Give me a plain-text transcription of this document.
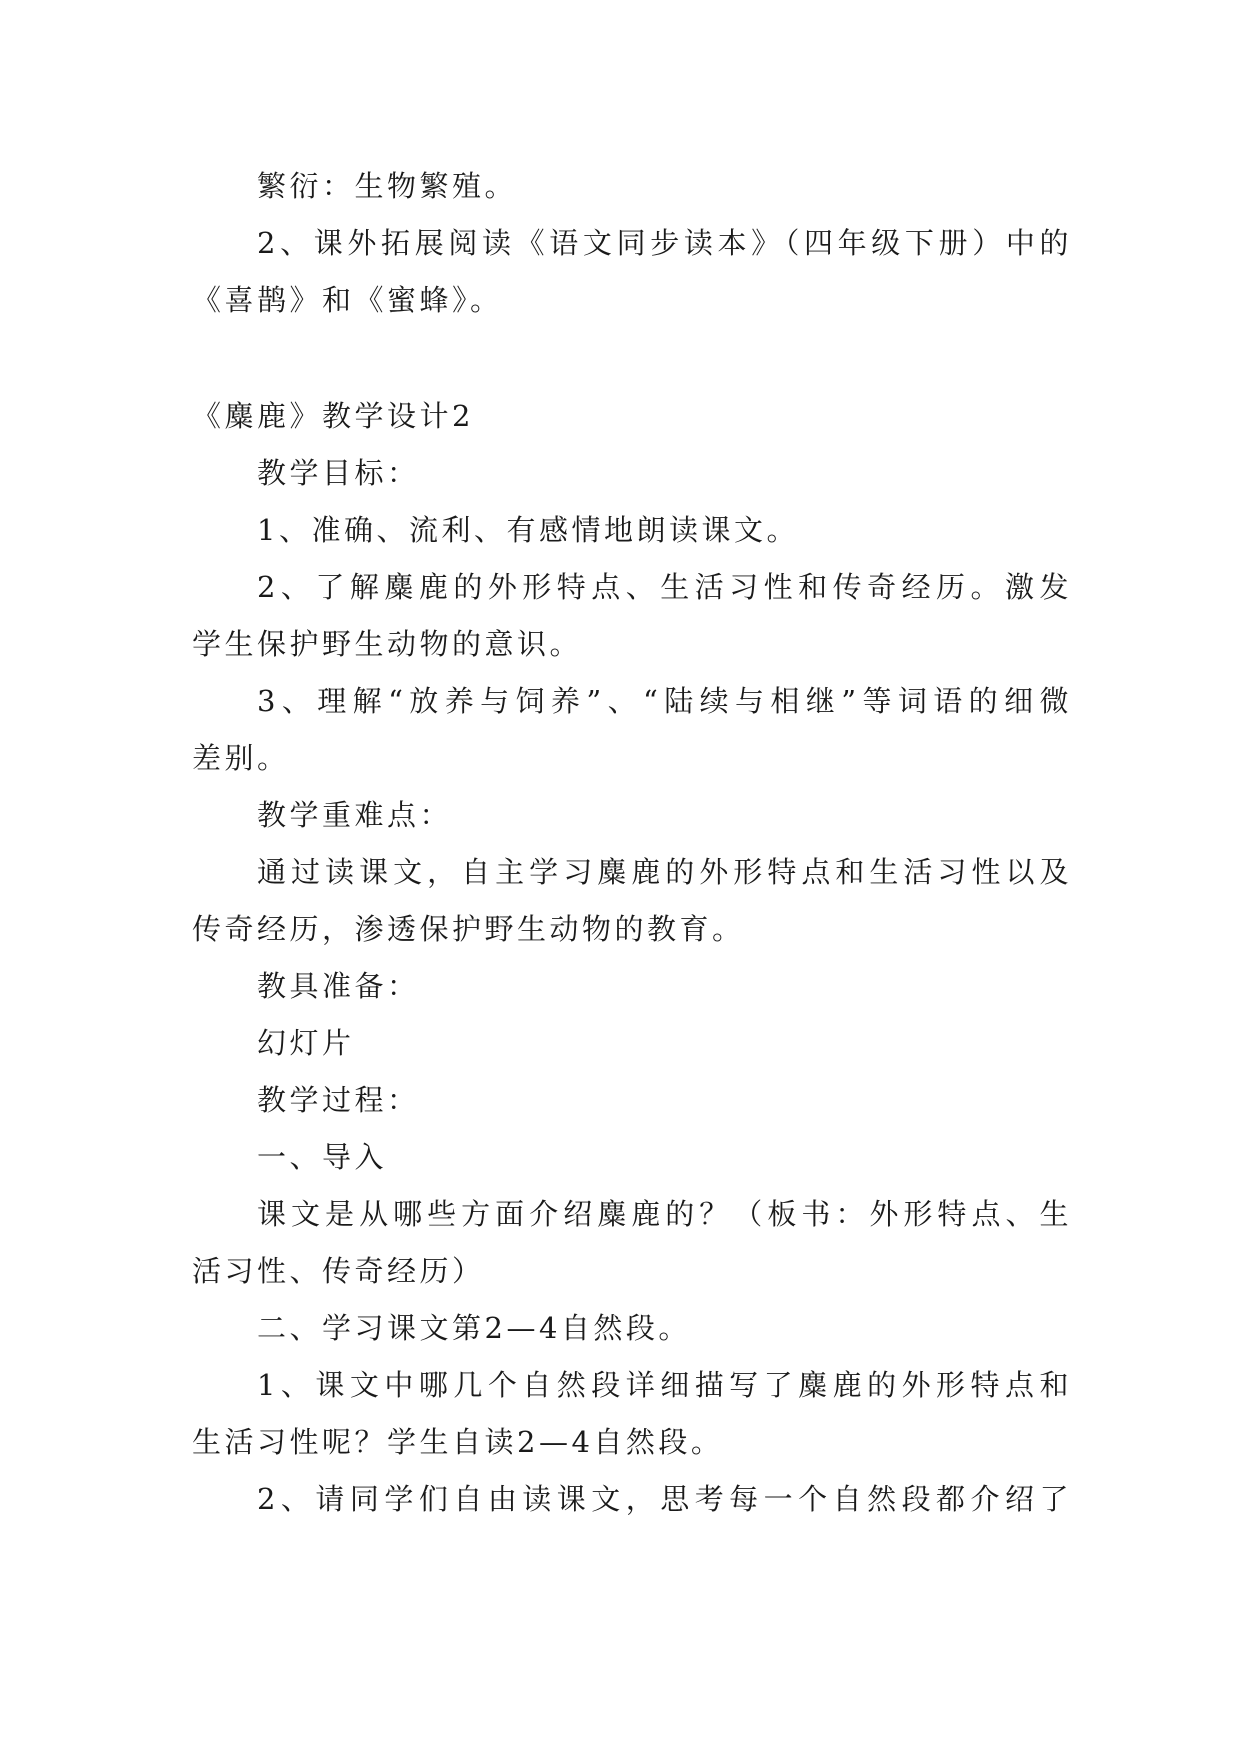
繁衍：生物繁殖。
2、课外拓展阅读《语文同步读本》（四年级下册）中的
《喜鹊》和《蜜蜂》。
《麋鹿》教学设计2
教学目标：
1、准确、流利、有感情地朗读课文。
2、了解麋鹿的外形特点、生活习性和传奇经历。激发
学生保护野生动物的意识。
3、理解“放养与饲养”、“陆续与相继”等词语的细微
差别。
教学重难点：
通过读课文，自主学习麋鹿的外形特点和生活习性以及
传奇经历，渗透保护野生动物的教育。
教具准备：
幻灯片
教学过程：
一、导入
课文是从哪些方面介绍麋鹿的？（板书：外形特点、生
活习性、传奇经历）
二、学习课文第2—4自然段。
1、课文中哪几个自然段详细描写了麋鹿的外形特点和
生活习性呢？学生自读2—4自然段。
2、请同学们自由读课文，思考每一个自然段都介绍了
